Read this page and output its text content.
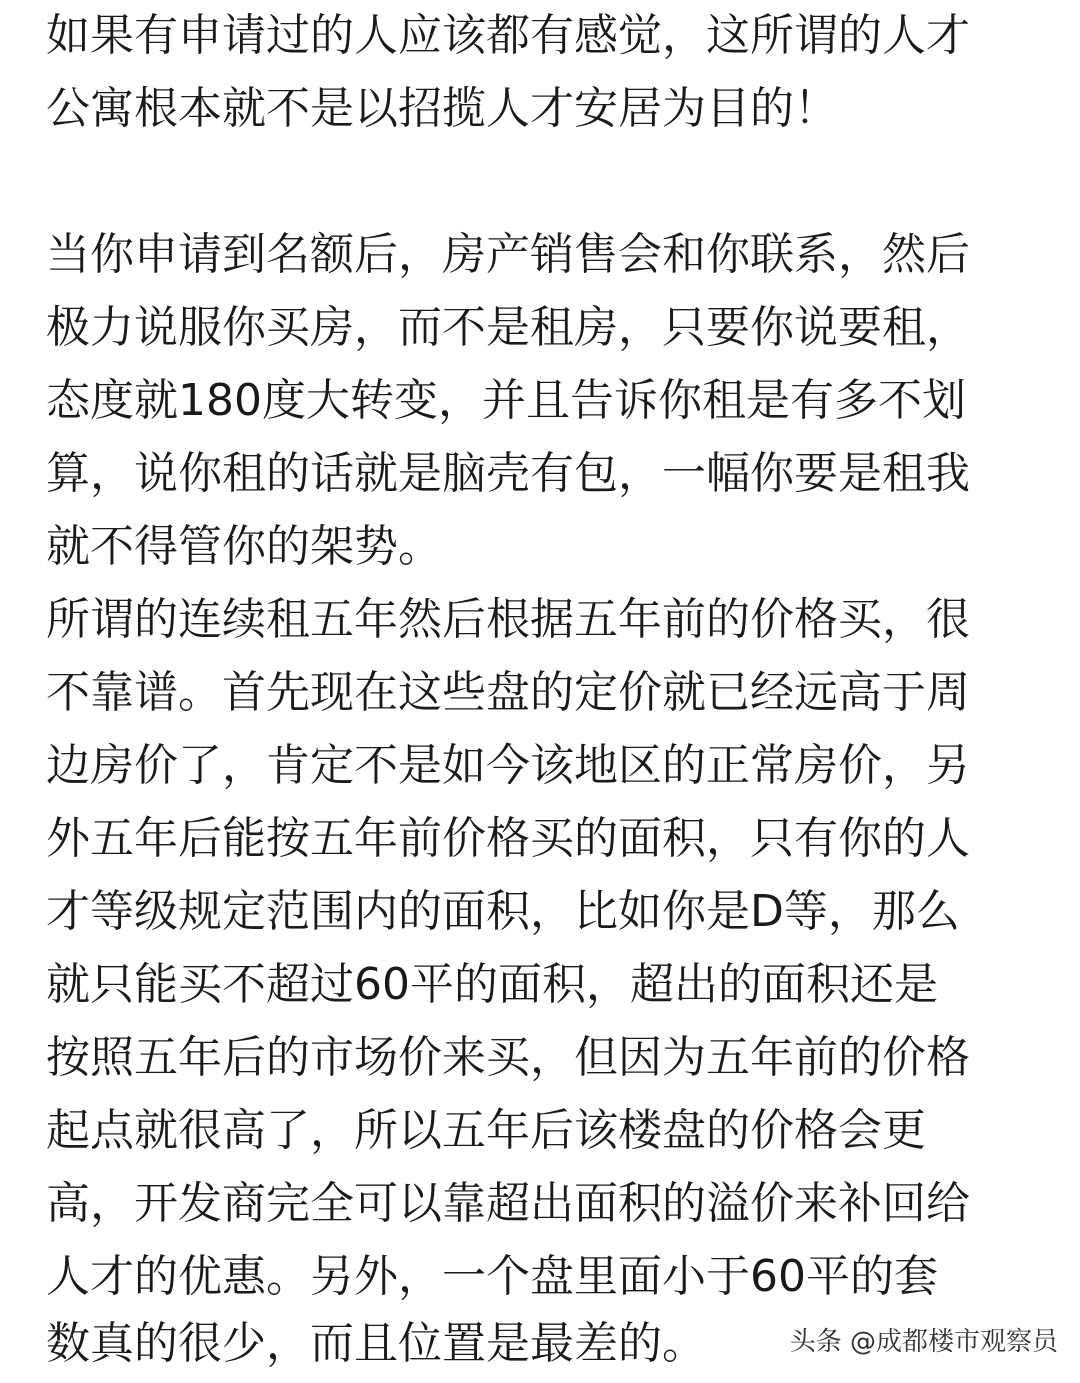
如果有申请过的人应该都有感觉，这所谓的人才
公寓根本就不是以招揽人才安居为目的！
当你申请到名额后，房产销售会和你联系，然后
极力说服你买房，而不是租房，只要你说要租，
态度就180度大转变，并且告诉你租是有多不划
算，说你租的话就是脑壳有包，一幅你要是租我
就不得管你的架势。
所谓的连续租五年然后根据五年前的价格买，很
不靠谱。首先现在这些盘的定价就已经远高于周
边房价了，肯定不是如今该地区的正常房价，另
外五年后能按五年前价格买的面积，只有你的人
才等级规定范围内的面积，比如你是D等，那么
就只能买不超过60平的面积，超出的面积还是
按照五年后的市场价来买，但因为五年前的价格
起点就很高了，所以五年后该楼盘的价格会更
高，开发商完全可以靠超出面积的溢价来补回给
人才的优惠。另外，一个盘里面小于60平的套
数真的很少，而且位置是最差的。	头条 @成都楼市观察员
